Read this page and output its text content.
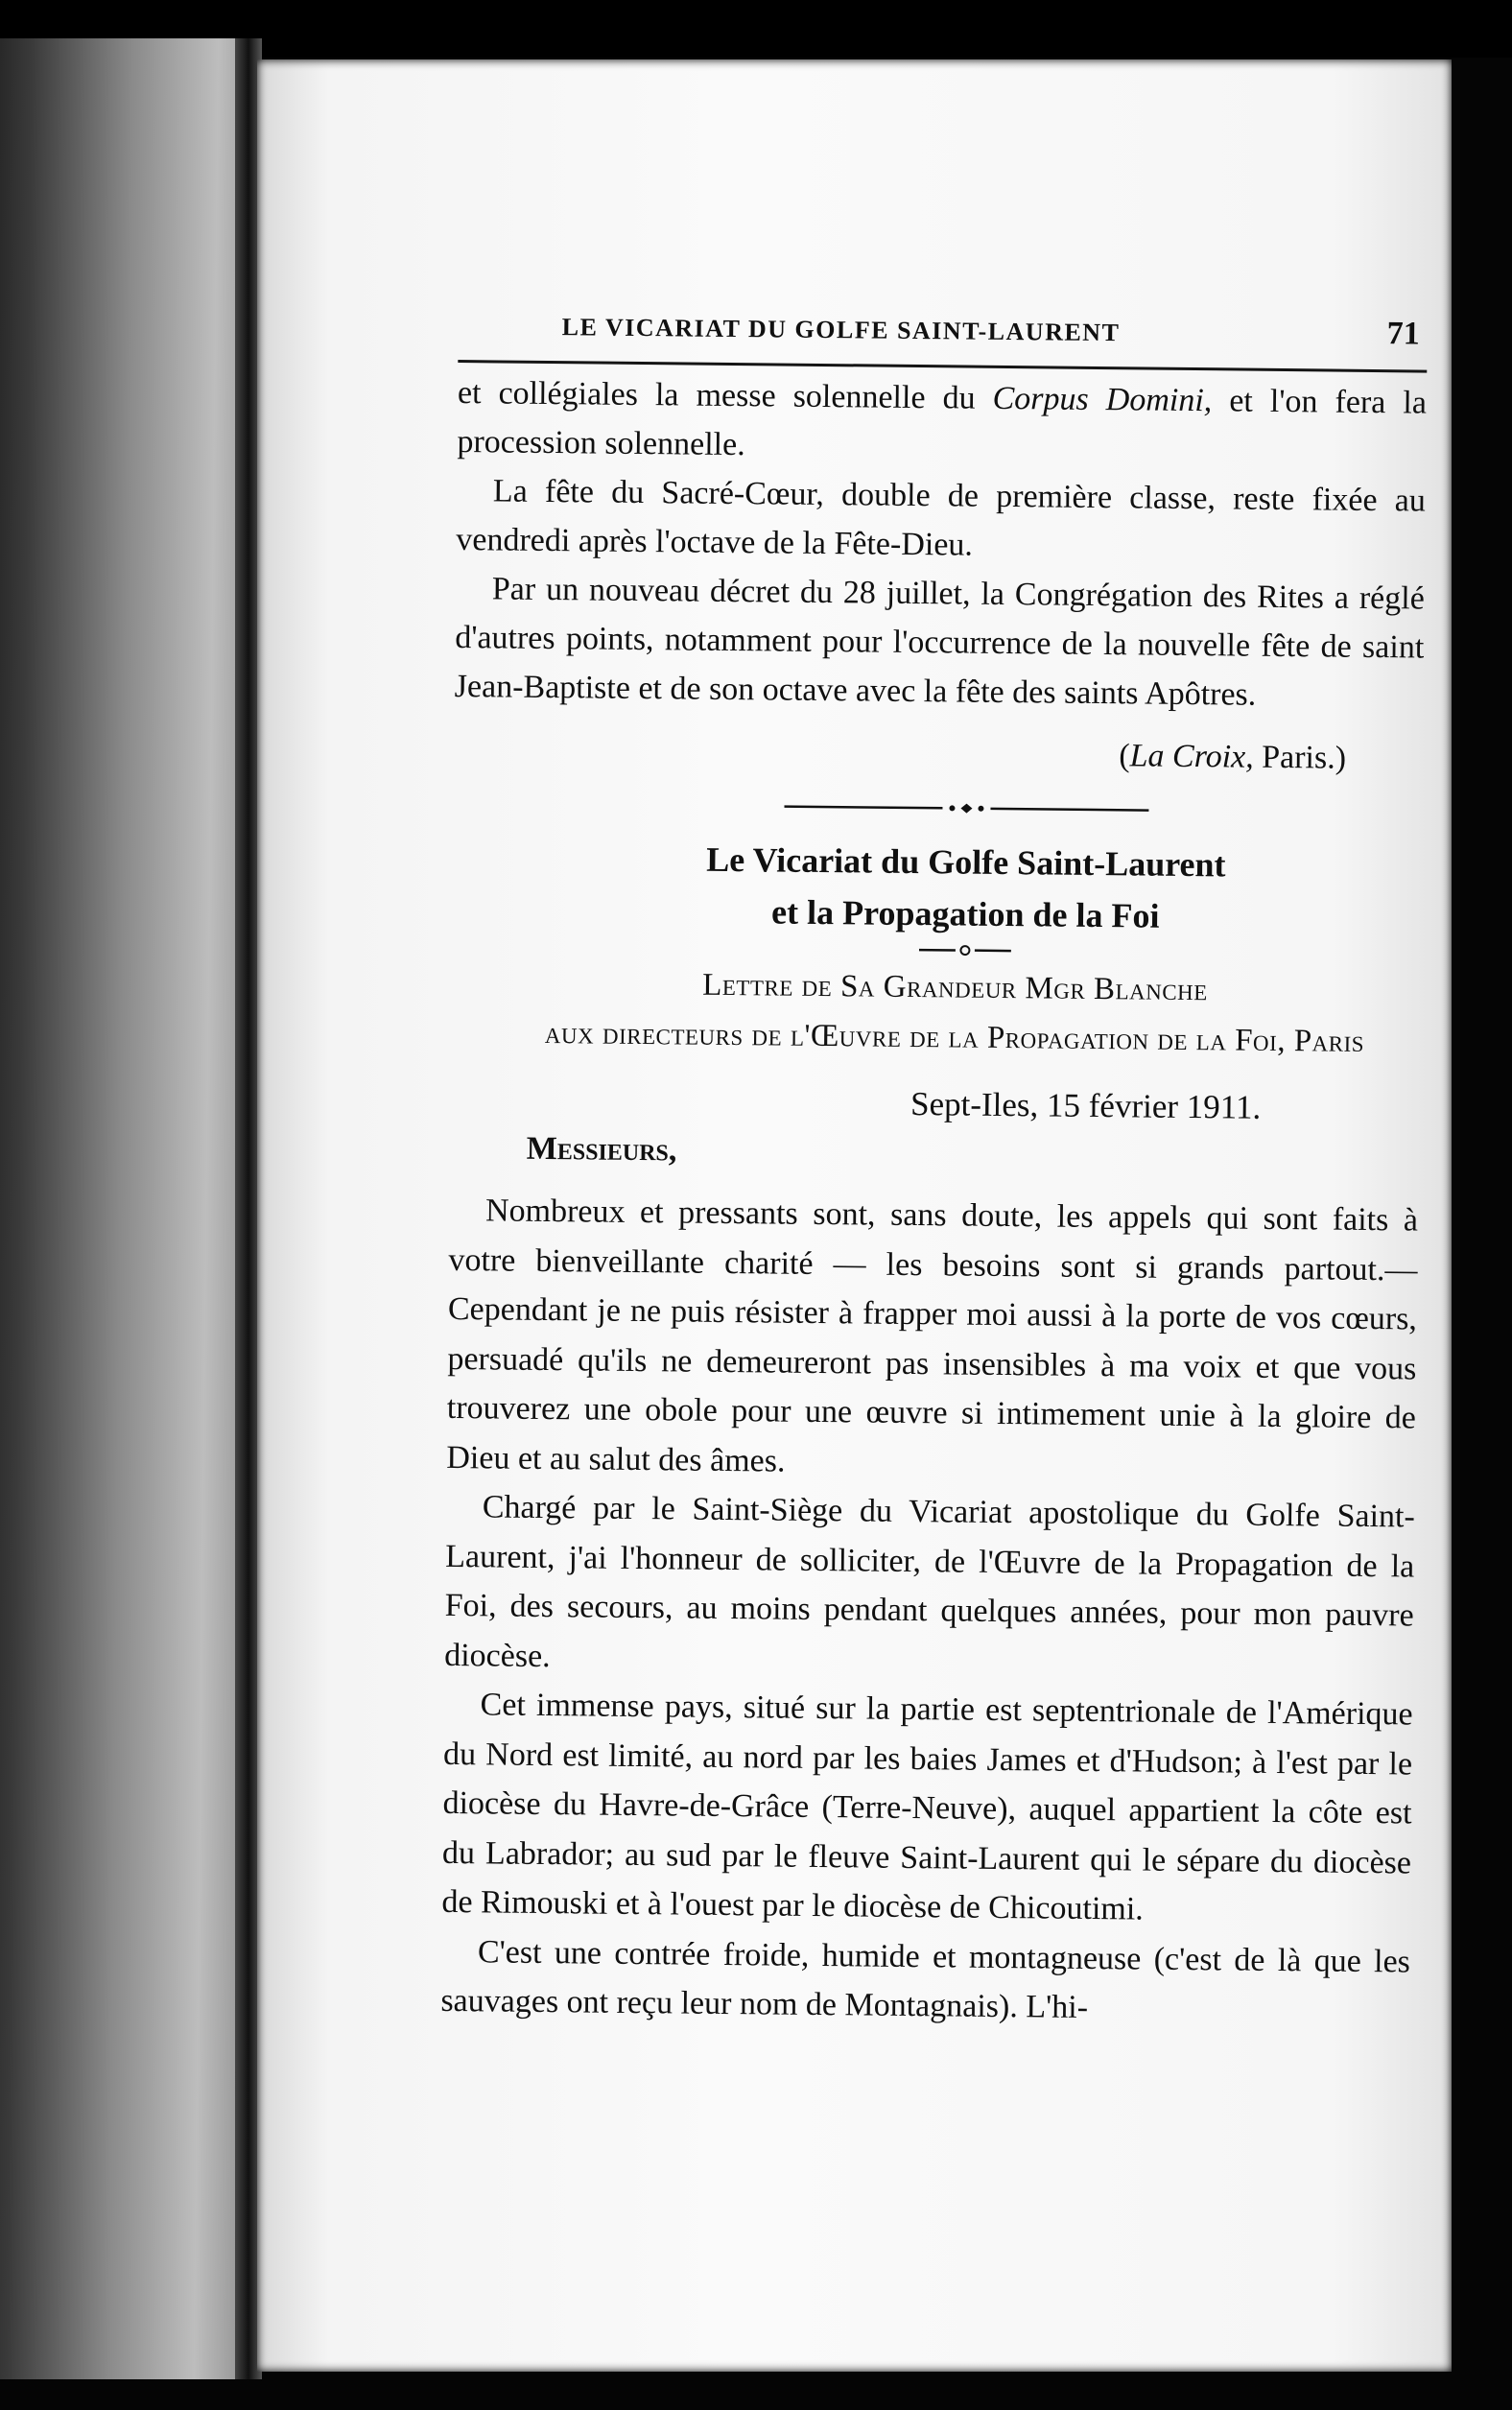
LE VICARIAT DU GOLFE SAINT-LAURENT	71

et collégiales la messe solennelle du Corpus Domini, et l'on fera la procession solennelle.

La fête du Sacré-Cœur, double de première classe, reste fixée au vendredi après l'octave de la Fête-Dieu.

Par un nouveau décret du 28 juillet, la Congrégation des Rites a réglé d'autres points, notamment pour l'occurrence de la nouvelle fête de saint Jean-Baptiste et de son octave avec la fête des saints Apôtres.

(La Croix, Paris.)

Le Vicariat du Golfe Saint-Laurent
et la Propagation de la Foi
Lettre de Sa Grandeur Mgr Blanche
aux directeurs de l'Œuvre de la Propagation de la Foi, Paris
Sept-Iles, 15 février 1911.
Messieurs,

Nombreux et pressants sont, sans doute, les appels qui sont faits à votre bienveillante charité — les besoins sont si grands partout.— Cependant je ne puis résister à frapper moi aussi à la porte de vos cœurs, persuadé qu'ils ne demeureront pas insensibles à ma voix et que vous trouverez une obole pour une œuvre si intimement unie à la gloire de Dieu et au salut des âmes.

Chargé par le Saint-Siège du Vicariat apostolique du Golfe Saint-Laurent, j'ai l'honneur de solliciter, de l'Œuvre de la Propagation de la Foi, des secours, au moins pendant quelques années, pour mon pauvre diocèse.

Cet immense pays, situé sur la partie est septentrionale de l'Amérique du Nord est limité, au nord par les baies James et d'Hudson; à l'est par le diocèse du Havre-de-Grâce (Terre-Neuve), auquel appartient la côte est du Labrador; au sud par le fleuve Saint-Laurent qui le sépare du diocèse de Rimouski et à l'ouest par le diocèse de Chicoutimi.

C'est une contrée froide, humide et montagneuse (c'est de là que les sauvages ont reçu leur nom de Montagnais). L'hi-
